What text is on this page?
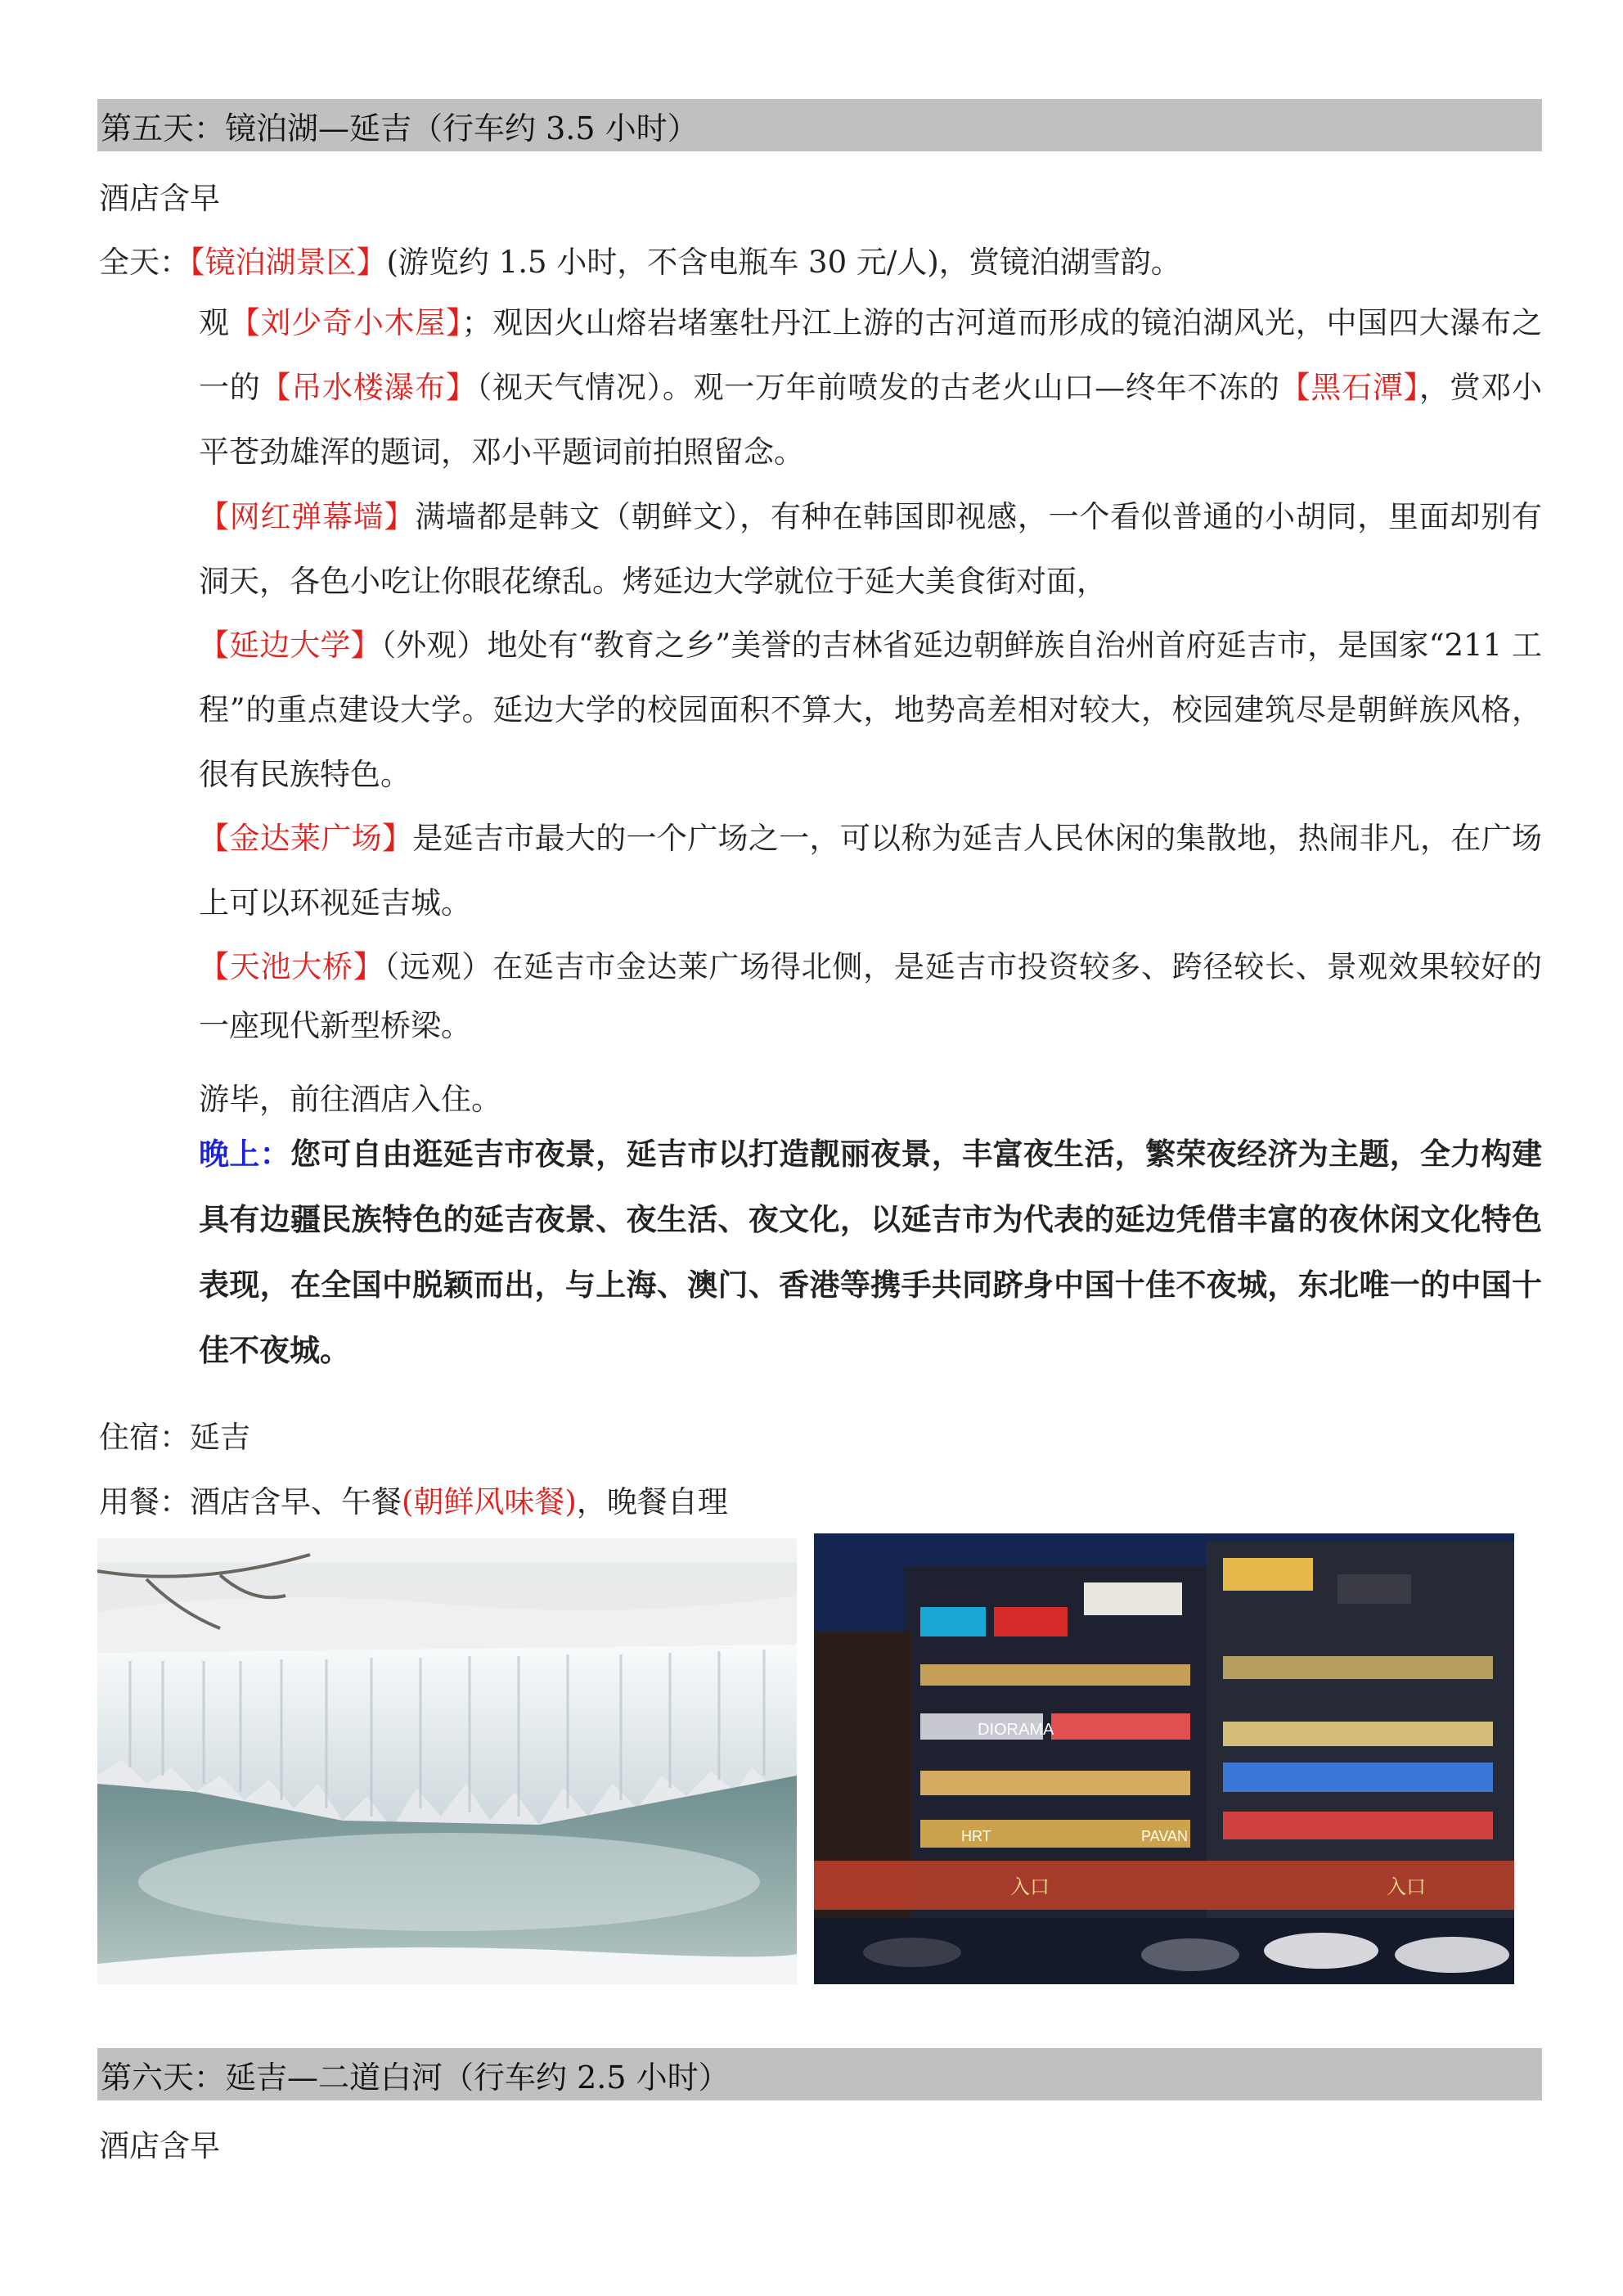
第五天：镜泊湖—延吉（行车约 3.5 小时）
酒店含早
全天：【镜泊湖景区】(游览约 1.5 小时，不含电瓶车 30 元/人)，赏镜泊湖雪韵。
观【刘少奇小木屋】；观因火山熔岩堵塞牡丹江上游的古河道而形成的镜泊湖风光，中国四大瀑布之一的【吊水楼瀑布】（视天气情况）。观一万年前喷发的古老火山口—终年不冻的【黑石潭】，赏邓小平苍劲雄浑的题词，邓小平题词前拍照留念。
【网红弹幕墙】满墙都是韩文（朝鲜文），有种在韩国即视感，一个看似普通的小胡同，里面却别有洞天，各色小吃让你眼花缭乱。烤延边大学就位于延大美食街对面，
【延边大学】（外观）地处有“教育之乡”美誉的吉林省延边朝鲜族自治州首府延吉市，是国家“211 工程”的重点建设大学。延边大学的校园面积不算大，地势高差相对较大，校园建筑尽是朝鲜族风格，很有民族特色。
【金达莱广场】是延吉市最大的一个广场之一，可以称为延吉人民休闲的集散地，热闹非凡，在广场上可以环视延吉城。
【天池大桥】（远观）在延吉市金达莱广场得北侧，是延吉市投资较多、跨径较长、景观效果较好的一座现代新型桥梁。
游毕，前往酒店入住。
晚上：您可自由逛延吉市夜景，延吉市以打造靓丽夜景，丰富夜生活，繁荣夜经济为主题，全力构建具有边疆民族特色的延吉夜景、夜生活、夜文化，以延吉市为代表的延边凭借丰富的夜休闲文化特色表现，在全国中脱颖而出，与上海、澳门、香港等携手共同跻身中国十佳不夜城，东北唯一的中国十佳不夜城。
住宿：延吉
用餐：酒店含早、午餐(朝鲜风味餐)，晚餐自理
DIORAMA
入口
HRT	PAVAN
入口
第六天：延吉—二道白河（行车约 2.5 小时）
酒店含早
